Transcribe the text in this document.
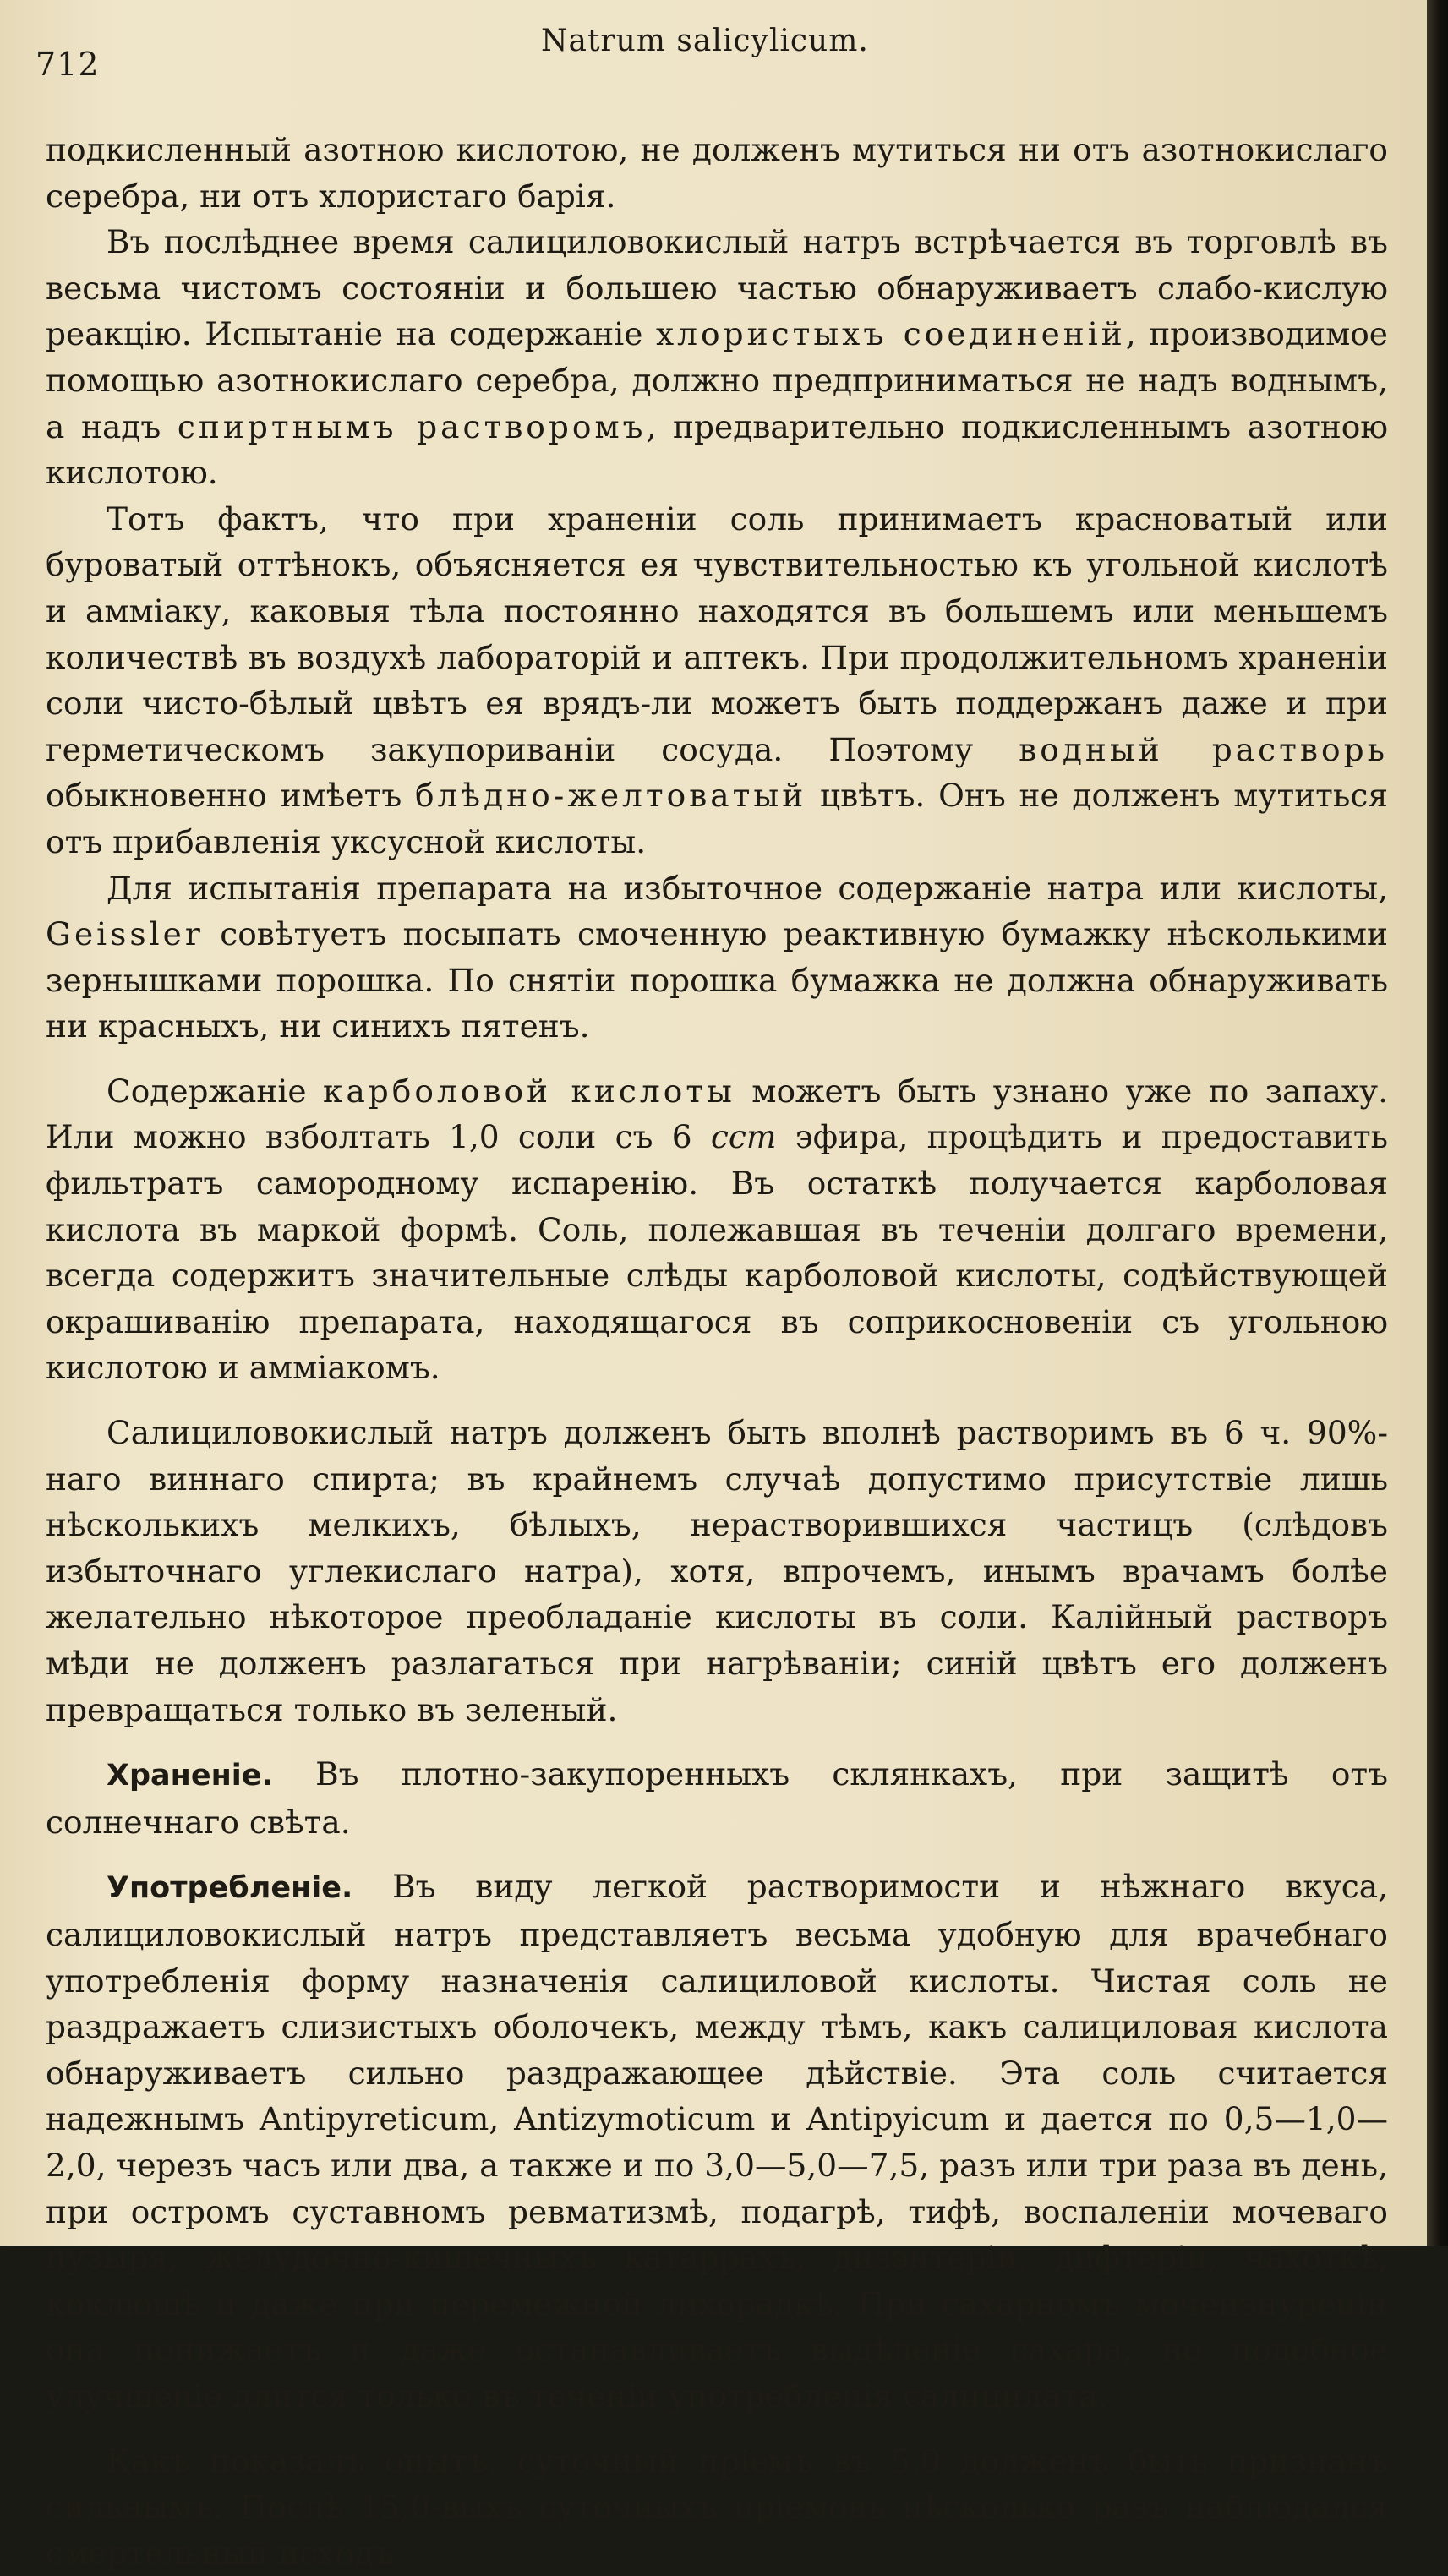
712
Natrum salicylicum.

подкисленный азотною кислотою, не долженъ мутиться ни отъ азотнокислаго серебра, ни отъ хлористаго барія.

Въ послѣднее время салициловокислый натръ встрѣчается въ торговлѣ въ весьма чистомъ состояніи и большею частью обнаруживаетъ слабо-кислую реакцію. Испытаніе на содержаніе хлористыхъ соединеній, производимое помощью азотнокислаго серебра, должно предприниматься не надъ воднымъ, а надъ спиртнымъ растворомъ, предварительно подкисленнымъ азотною кислотою.

Тотъ фактъ, что при храненіи соль принимаетъ красноватый или буроватый оттѣнокъ, объясняется ея чувствительностью къ угольной кислотѣ и амміаку, каковыя тѣла постоянно находятся въ большемъ или меньшемъ количествѣ въ воздухѣ лабораторій и аптекъ. При продолжительномъ храненіи соли чисто-бѣлый цвѣтъ ея врядъ-ли можетъ быть поддержанъ даже и при герметическомъ закупориваніи сосуда. Поэтому водный растворь обыкновенно имѣетъ блѣдно-желтоватый цвѣтъ. Онъ не долженъ мутиться отъ прибавленія уксусной кислоты.

Для испытанія препарата на избыточное содержаніе натра или кислоты, Geissler совѣтуетъ посыпать смоченную реактивную бумажку нѣсколькими зернышками порошка. По снятіи порошка бумажка не должна обнаруживать ни красныхъ, ни синихъ пятенъ.

Содержаніе карболовой кислоты можетъ быть узнано уже по запаху. Или можно взболтать 1,0 соли съ 6 cст эфира, процѣдить и предоставить фильтратъ самородному испаренію. Въ остаткѣ получается карболовая кислота въ маркой формѣ. Соль, полежавшая въ теченіи долгаго времени, всегда содержитъ значительные слѣды карболовой кислоты, содѣйствующей окрашиванію препарата, находящагося въ соприкосновеніи съ угольною кислотою и амміакомъ.

Салициловокислый натръ долженъ быть вполнѣ растворимъ въ 6 ч. 90%-наго виннаго спирта; въ крайнемъ случаѣ допустимо присутствіе лишь нѣсколькихъ мелкихъ, бѣлыхъ, нерастворившихся частицъ (слѣдовъ избыточнаго углекислаго натра), хотя, впрочемъ, инымъ врачамъ болѣе желательно нѣкоторое преобладаніе кислоты въ соли. Калійный растворъ мѣди не долженъ разлагаться при нагрѣваніи; синій цвѣтъ его долженъ превращаться только въ зеленый.

Храненіе. Въ плотно-закупоренныхъ склянкахъ, при защитѣ отъ солнечнаго свѣта.

Употребленіе. Въ виду легкой растворимости и нѣжнаго вкуса, салициловокислый натръ представляетъ весьма удобную для врачебнаго употребленія форму назначенія салициловой кислоты. Чистая соль не раздражаетъ слизистыхъ оболочекъ, между тѣмъ, какъ салициловая кислота обнаруживаетъ сильно раздражающее дѣйствіе. Эта соль считается надежнымъ Antipyreticum, Antizymoticum и Antipyicum и дается по 0,5—1,0—2,0, черезъ часъ или два, а также и по 3,0—5,0—7,5, разъ или три раза въ день, при остромъ суставномъ ревматизмѣ, подагрѣ, тифѣ, воспаленіи мочеваго пузыря, желудочно-кишечныхъ катаррахъ, дизэнтеріи, дифтеріи, чахоткѣ, коклюшѣ и даже при перемежной лихорадкѣ. При сахарномъ мочеизнуреніи она понижаетъ и даже останавливаетъ выдѣленіе сахара, но подобное улучшеніе длится только въ теченіи употребленія салицилата.

Какъ показалъ опытъ, суточный пріемъ въ 5,0 долженъ быть признанъ сильнымъ. Послѣ 15,0-выхъ суточныхъ пріемовъ нѣсколько разъ наблюдался смертельный исходъ.
